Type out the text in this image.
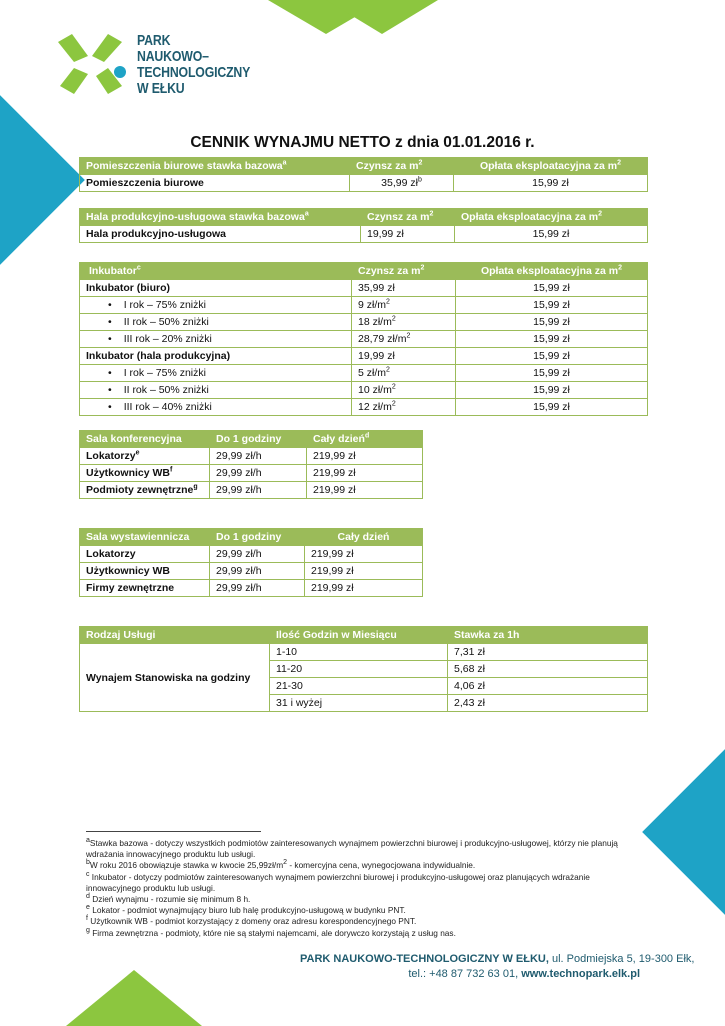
PARK
NAUKOWO–
TECHNOLOGICZNY
W EŁKU
CENNIK WYNAJMU NETTO z dnia 01.01.2016 r.
Pomieszczenia biurowe stawka bazowa$^a$	Czynsz za $m^2$	Opłata eksploatacyjna za $m^2$
Pomieszczenia biurowe	35,99 $zł^b$	15,99 zł
Hala produkcyjno-usługowa stawka bazowa$^a$	Czynsz za $m^2$	Opłata eksploatacyjna za $m^2$
Hala produkcyjno-usługowa	19,99 zł	15,99 zł
Inkubator$^c$	Czynsz za $m^2$	Opłata eksploatacyjna za $m^2$
Inkubator (biuro)	35,99 zł	15,99 zł
• I rok – 75% zniżki	9 $zł/m^2$	15,99 zł
• II rok – 50% zniżki	18 $zł/m^2$	15,99 zł
• III rok – 20% zniżki	28,79 $zł/m^2$	15,99 zł
Inkubator (hala produkcyjna)	19,99 zł	15,99 zł
• I rok – 75% zniżki	5 $zł/m^2$	15,99 zł
• II rok – 50% zniżki	10 $zł/m^2$	15,99 zł
• III rok – 40% zniżki	12 $zł/m^2$	15,99 zł
Sala konferencyjna	Do 1 godziny	Cały dzień$^d$
Lokatorzy$^e$	29,99 zł/h	219,99 zł
Użytkownicy $WB^f$	29,99 zł/h	219,99 zł
Podmioty zewnętrzne$^g$	29,99 zł/h	219,99 zł
Sala wystawiennicza	Do 1 godziny	Cały dzień
Lokatorzy	29,99 zł/h	219,99 zł
Użytkownicy WB	29,99 zł/h	219,99 zł
Firmy zewnętrzne	29,99 zł/h	219,99 zł
Rodzaj Usługi	Ilość Godzin w Miesiącu	Stawka za 1h
Wynajem Stanowiska na godziny	1-10	7,31 zł
	11-20	5,68 zł
	21-30	4,06 zł
	31 i wyżej	2,43 zł
$^a$Stawka bazowa - dotyczy wszystkich podmiotów zainteresowanych wynajmem powierzchni biurowej i produkcyjno-usługowej, którzy nie planują wdrażania innowacyjnego produktu lub usługi.
$^b$W roku 2016 obowiązuje stawka w kwocie $25,99zł/m^2$ - komercyjna cena, wynegocjowana indywidualnie.
$^c$ Inkubator - dotyczy podmiotów zainteresowanych wynajmem powierzchni biurowej i produkcyjno-usługowej oraz planujących wdrażanie innowacyjnego produktu lub usługi.
$^d$ Dzień wynajmu - rozumie się minimum 8 h.
$^e$ Lokator - podmiot wynajmujący biuro lub halę produkcyjno-usługową w budynku PNT.
$^f$ Użytkownik WB - podmiot korzystający z domeny oraz adresu korespondencyjnego PNT.
$^g$ Firma zewnętrzna - podmioty, które nie są stałymi najemcami, ale dorywczo korzystają z usług nas.
PARK NAUKOWO-TECHNOLOGICZNY W EŁKU, ul. Podmiejska 5, 19-300 Ełk,
tel.: +48 87 732 63 01, www.technopark.elk.pl
